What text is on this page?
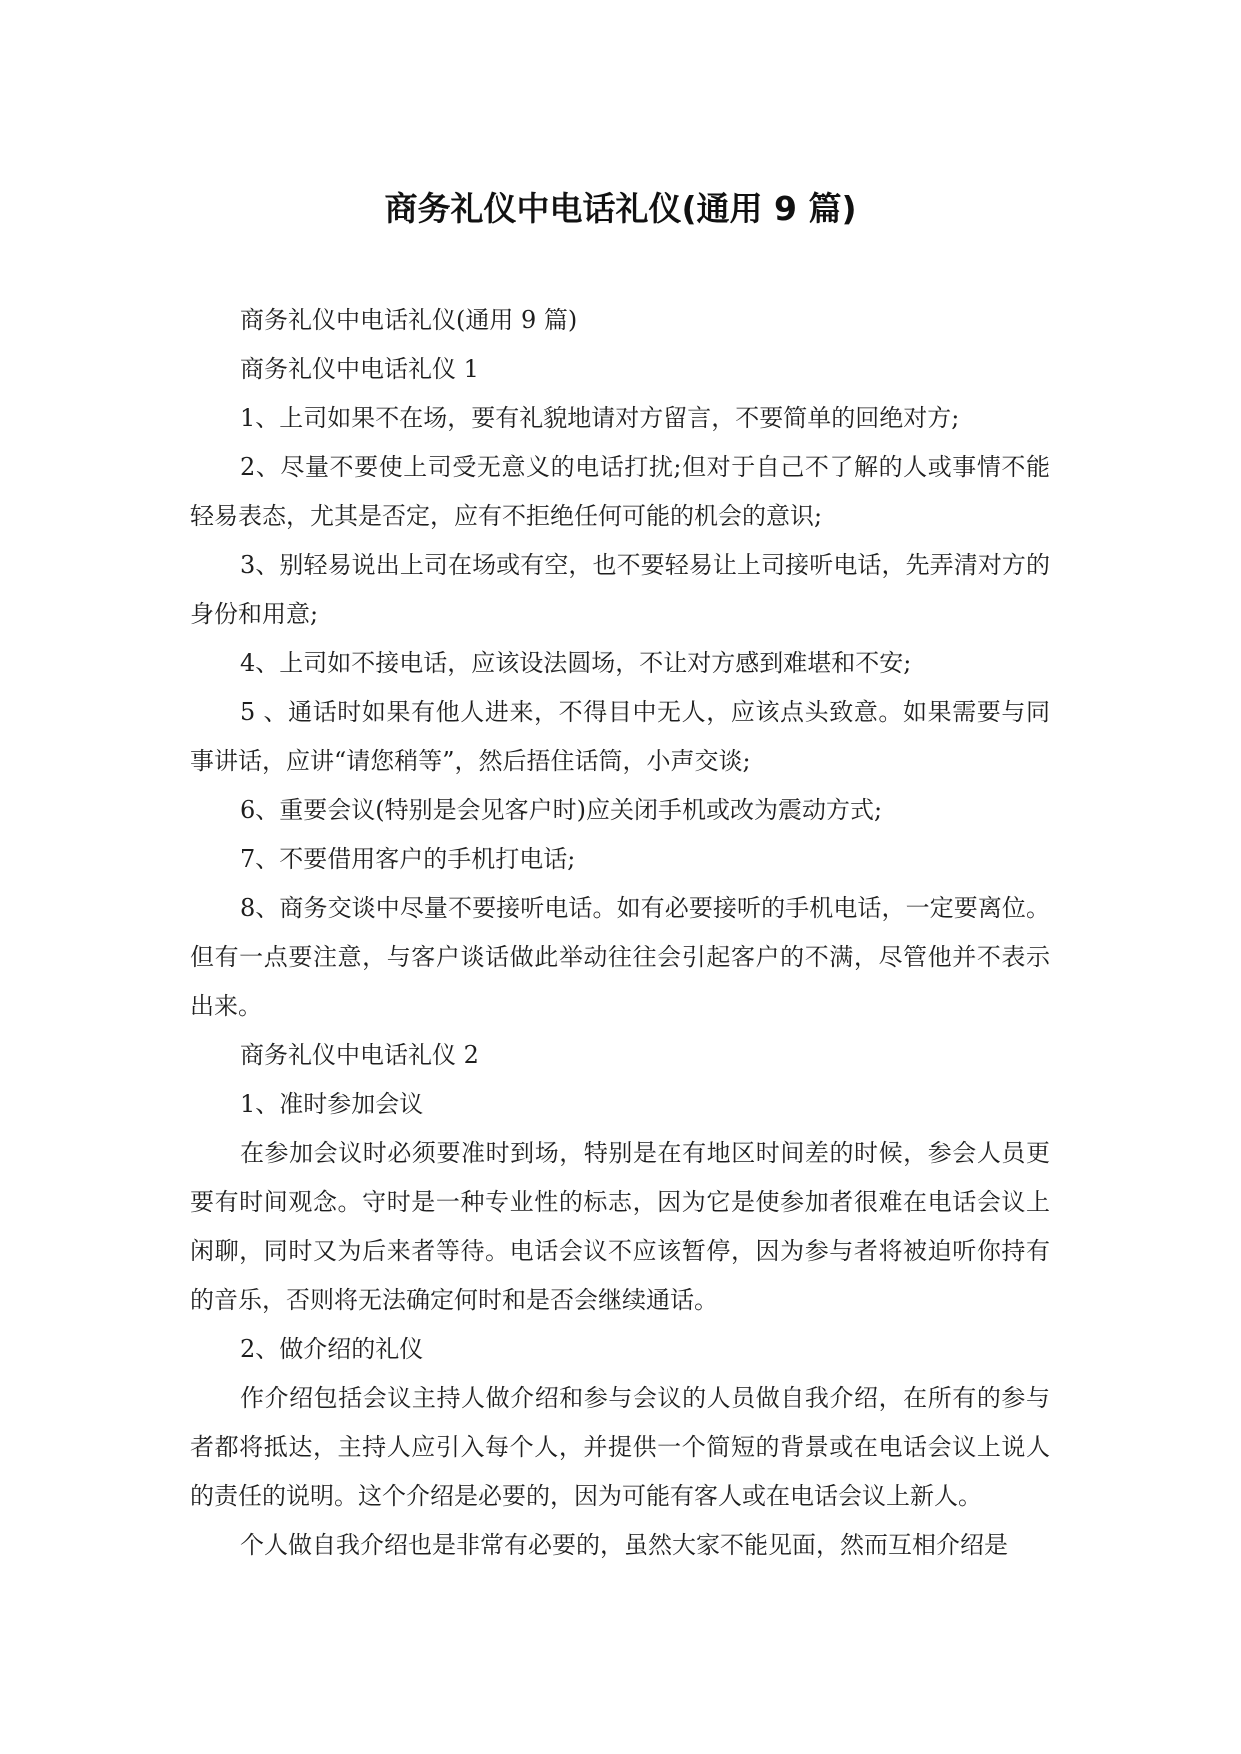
商务礼仪中电话礼仪(通用 9 篇)

商务礼仪中电话礼仪(通用 9 篇)

商务礼仪中电话礼仪 1

1、上司如果不在场，要有礼貌地请对方留言，不要简单的回绝对方;

2、尽量不要使上司受无意义的电话打扰;但对于自己不了解的人或事情不能轻易表态，尤其是否定，应有不拒绝任何可能的机会的意识;

3、别轻易说出上司在场或有空，也不要轻易让上司接听电话，先弄清对方的身份和用意;

4、上司如不接电话，应该设法圆场，不让对方感到难堪和不安;

5 、通话时如果有他人进来，不得目中无人，应该点头致意。如果需要与同事讲话，应讲“请您稍等”，然后捂住话筒，小声交谈;

6、重要会议(特别是会见客户时)应关闭手机或改为震动方式;

7、不要借用客户的手机打电话;

8、商务交谈中尽量不要接听电话。如有必要接听的手机电话，一定要离位。但有一点要注意，与客户谈话做此举动往往会引起客户的不满，尽管他并不表示出来。

商务礼仪中电话礼仪 2

1、准时参加会议

在参加会议时必须要准时到场，特别是在有地区时间差的时候，参会人员更要有时间观念。守时是一种专业性的标志，因为它是使参加者很难在电话会议上闲聊，同时又为后来者等待。电话会议不应该暂停，因为参与者将被迫听你持有的音乐，否则将无法确定何时和是否会继续通话。

2、做介绍的礼仪

作介绍包括会议主持人做介绍和参与会议的人员做自我介绍，在所有的参与者都将抵达，主持人应引入每个人，并提供一个简短的背景或在电话会议上说人的责任的说明。这个介绍是必要的，因为可能有客人或在电话会议上新人。

个人做自我介绍也是非常有必要的，虽然大家不能见面，然而互相介绍是
